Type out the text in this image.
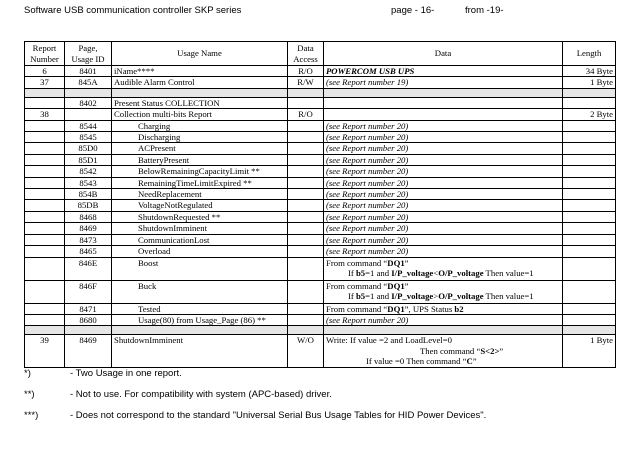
Software USB communication controller SKP series	page - 16-	from -19-
Report Number	Page, Usage ID	Usage Name	Data Access	Data	Length
6	8401	iName****	R/O	POWERCOM USB UPS	34 Byte
37	845A	Audible Alarm Control	R/W	(see Report number 19)	1 Byte

	8402	Present Status COLLECTION			
38		Collection multi-bits Report	R/O		2 Byte
	8544	Charging		(see Report number 20)	
	8545	Discharging		(see Report number 20)	
	85D0	ACPresent		(see Report number 20)	
	85D1	BatteryPresent		(see Report number 20)	
	8542	BelowRemainingCapacityLimit **		(see Report number 20)	
	8543	RemainingTimeLimitExpired **		(see Report number 20)	
	854B	NeedReplacement		(see Report number 20)	
	85DB	VoltageNotRegulated		(see Report number 20)	
	8468	ShutdownRequested **		(see Report number 20)	
	8469	ShutdownImminent		(see Report number 20)	
	8473	CommunicationLost		(see Report number 20)	
	8465	Overload		(see Report number 20)	
	846E	Boost		From command “DQ1”
If b5=1 and I/P_voltage<O/P_voltage Then value=1	

	846F	Buck		From command “DQ1”
If b5=1 and I/P_voltage>O/P_voltage Then value=1	

	8471	Tested		From command “DQ1”, UPS Status b2	
	8680	Usage(80) from Usage_Page (86) **		(see Report number 20)	

39	8469	ShutdownImminent	W/O	Write: If value =2 and LoadLevel=0
Then command “S<2>”
If value =0 Then command “C”	1 Byte
*)	- Two Usage in one report.
**)	- Not to use. For compatibility with system (APC-based) driver.
***)	- Does not correspond to the standard "Universal Serial Bus Usage Tables for HID Power Devices".
